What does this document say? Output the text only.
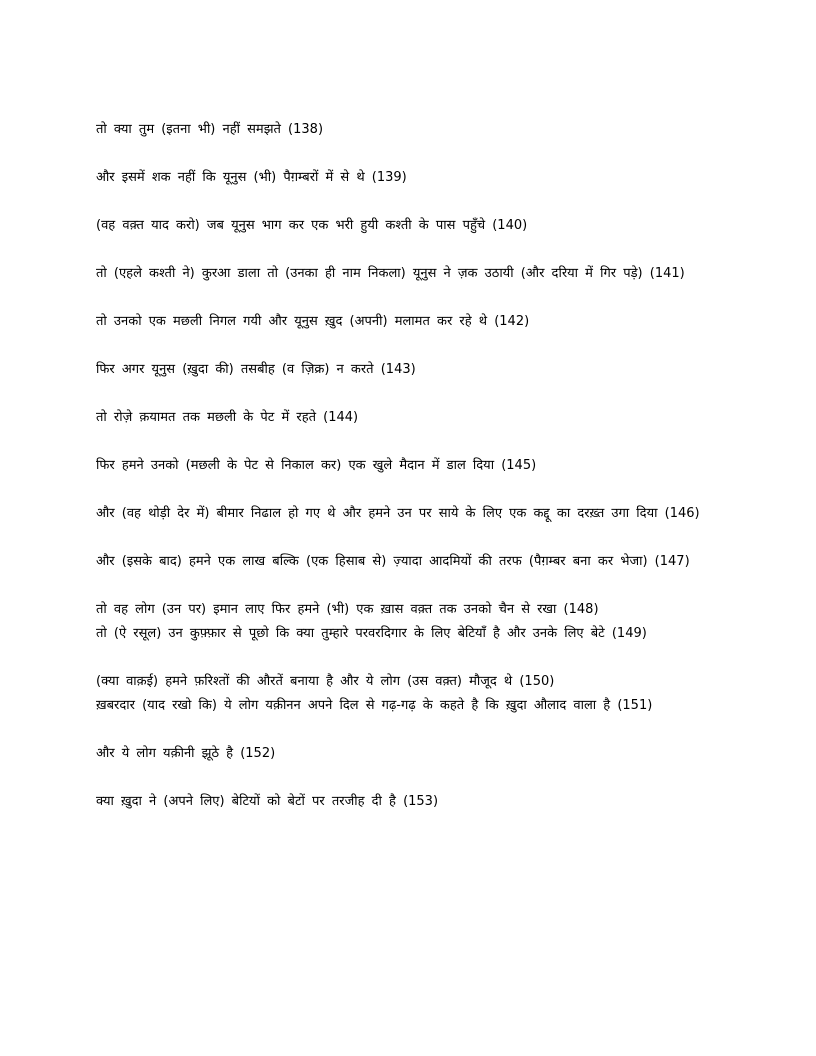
तो क्या तुम (इतना भी) नहीं समझते (138)

और इसमें शक नहीं कि यूनुस (भी) पैग़म्बरों में से थे (139)

(वह वक़्त याद करो) जब यूनुस भाग कर एक भरी हुयी कश्ती के पास पहुँचे (140)

तो (एहले कश्ती ने) कुरआ डाला तो (उनका ही नाम निकला) यूनुस ने ज़क उठायी (और दरिया में गिर पड़े) (141)

तो उनको एक मछली निगल गयी और यूनुस ख़ुद (अपनी) मलामत कर रहे थे (142)

फिर अगर यूनुस (ख़ुदा की) तसबीह (व ज़िक्र) न करते (143)

तो रोज़े क़यामत तक मछली के पेट में रहते (144)

फिर हमने उनको (मछली के पेट से निकाल कर) एक खुले मैदान में डाल दिया (145)

और (वह थोड़ी देर में) बीमार निढाल हो गए थे और हमने उन पर साये के लिए एक कद्दू का दरख़्त उगा दिया (146)

और (इसके बाद) हमने एक लाख बल्कि (एक हिसाब से) ज़्यादा आदमियों की तरफ (पैग़म्बर बना कर भेजा) (147)

तो वह लोग (उन पर) इमान लाए फिर हमने (भी) एक ख़ास वक़्त तक उनको चैन से रखा (148)
तो (ऐ रसूल) उन कुफ़्फ़ार से पूछो कि क्या तुम्हारे परवरदिगार के लिए बेटियाँ है और उनके लिए बेटे (149)

(क्या वाक़ई) हमने फ़रिश्तों की औरतें बनाया है और ये लोग (उस वक़्त) मौजूद थे (150)
ख़बरदार (याद रखो कि) ये लोग यक़ीनन अपने दिल से गढ़-गढ़ के कहते है कि ख़ुदा औलाद वाला है (151)

और ये लोग यक़ीनी झूठे है (152)

क्या ख़ुदा ने (अपने लिए) बेटियों को बेटों पर तरजीह दी है (153)
